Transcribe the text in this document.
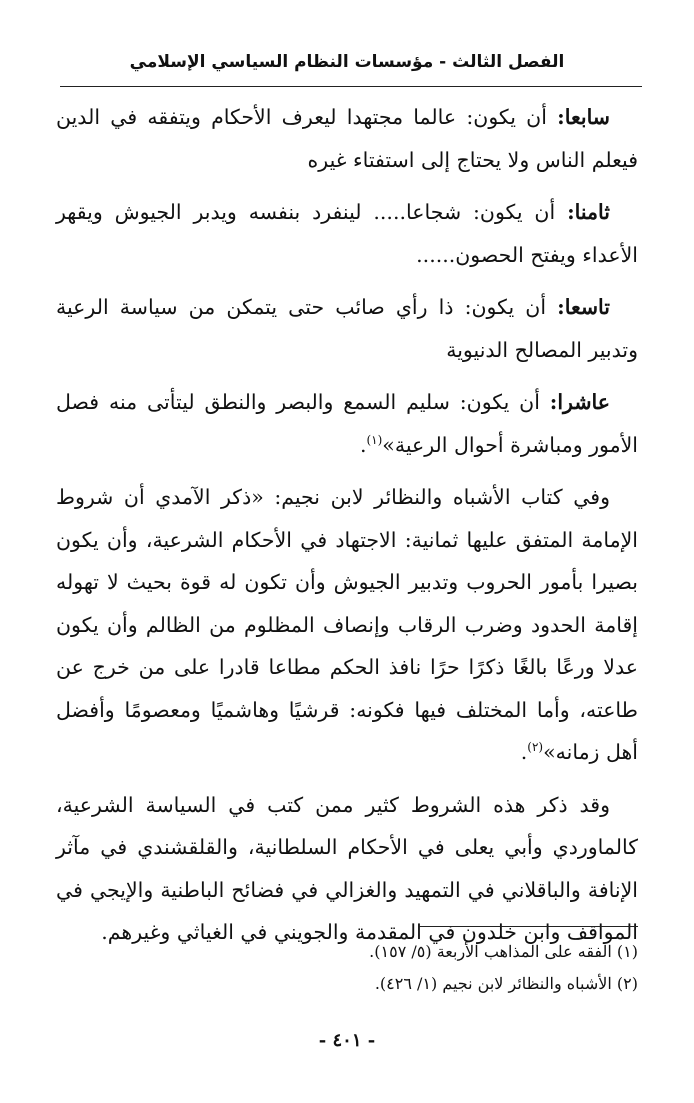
الفصل الثالث - مؤسسات النظام السياسي الإسلامي

سابعا: أن يكون: عالما مجتهدا ليعرف الأحكام ويتفقه في الدين فيعلم الناس ولا يحتاج إلى استفتاء غيره

ثامنا: أن يكون: شجاعا..... لينفرد بنفسه ويدبر الجيوش ويقهر الأعداء ويفتح الحصون......

تاسعا: أن يكون: ذا رأي صائب حتى يتمكن من سياسة الرعية وتدبير المصالح الدنيوية

عاشرا: أن يكون: سليم السمع والبصر والنطق ليتأتى منه فصل الأمور ومباشرة أحوال الرعية»$^{(١)}$.

وفي كتاب الأشباه والنظائر لابن نجيم: «ذكر الآمدي أن شروط الإمامة المتفق عليها ثمانية: الاجتهاد في الأحكام الشرعية، وأن يكون بصيرا بأمور الحروب وتدبير الجيوش وأن تكون له قوة بحيث لا تهوله إقامة الحدود وضرب الرقاب وإنصاف المظلوم من الظالم وأن يكون عدلا ورعًا بالغًا ذكرًا حرًا نافذ الحكم مطاعا قادرا على من خرج عن طاعته، وأما المختلف فيها فكونه: قرشيًا وهاشميًا ومعصومًا وأفضل أهل زمانه»$^{(٢)}$.

وقد ذكر هذه الشروط كثير ممن كتب في السياسة الشرعية، كالماوردي وأبي يعلى في الأحكام السلطانية، والقلقشندي في مآثر الإنافة والباقلاني في التمهيد والغزالي في فضائح الباطنية والإيجي في المواقف وابن خلدون في المقدمة والجويني في الغياثي وغيرهم.

(١) الفقه على المذاهب الأربعة (٥/ ١٥٧).

(٢) الأشباه والنظائر لابن نجيم (١/ ٤٢٦).

- ٤٠١ -
